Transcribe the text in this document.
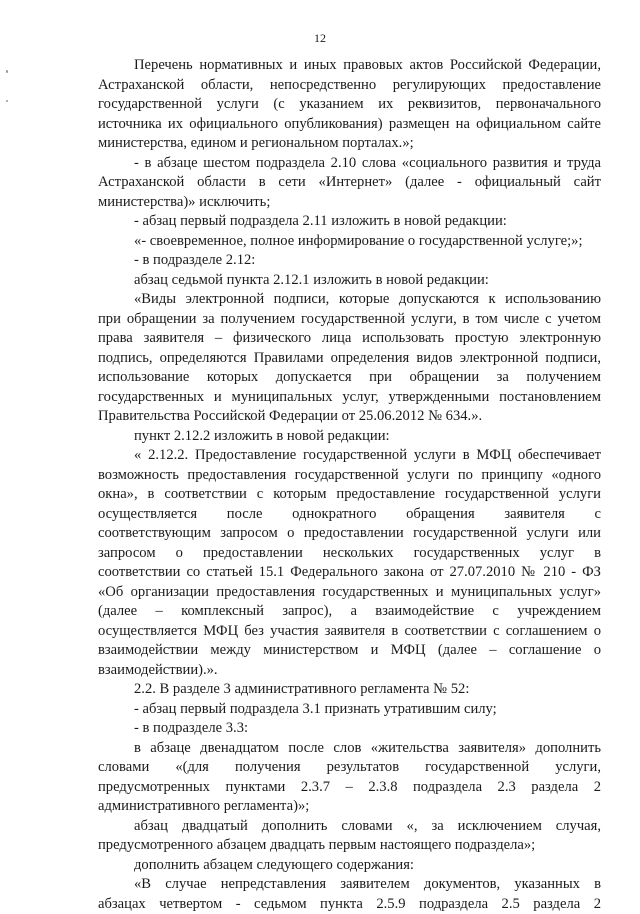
12
Перечень нормативных и иных правовых актов Российской Федерации,
Астраханской области, непосредственно регулирующих предоставление
государственной услуги (с указанием их реквизитов, первоначального
источника их официального опубликования) размещен на официальном сайте
министерства, едином и региональном порталах.»;
- в абзаце шестом подраздела 2.10 слова «социального развития и труда
Астраханской области в сети «Интернет» (далее - официальный сайт
министерства)» исключить;
- абзац первый подраздела 2.11 изложить в новой редакции:
«- своевременное, полное информирование о государственной услуге;»;
- в подразделе 2.12:
абзац седьмой пункта 2.12.1 изложить в новой редакции:
«Виды электронной подписи, которые допускаются к использованию
при обращении за получением государственной услуги, в том числе с учетом
права заявителя – физического лица использовать простую электронную
подпись, определяются Правилами определения видов электронной подписи,
использование которых допускается при обращении за получением
государственных и муниципальных услуг, утвержденными постановлением
Правительства Российской Федерации от 25.06.2012 № 634.».
пункт 2.12.2 изложить в новой редакции:
« 2.12.2. Предоставление государственной услуги в МФЦ обеспечивает
возможность предоставления государственной услуги по принципу «одного
окна», в соответствии с которым предоставление государственной услуги
осуществляется после однократного обращения заявителя с
соответствующим запросом о предоставлении государственной услуги или
запросом о предоставлении нескольких государственных услуг в
соответствии со статьей 15.1 Федерального закона от 27.07.2010 № 210 - ФЗ
«Об организации предоставления государственных и муниципальных услуг»
(далее – комплексный запрос), а взаимодействие с учреждением
осуществляется МФЦ без участия заявителя в соответствии с соглашением о
взаимодействии между министерством и МФЦ (далее – соглашение о
взаимодействии).».
2.2. В разделе 3 административного регламента № 52:
- абзац первый подраздела 3.1 признать утратившим силу;
- в подразделе 3.3:
в абзаце двенадцатом после слов «жительства заявителя» дополнить
словами «(для получения результатов государственной услуги,
предусмотренных пунктами 2.3.7 – 2.3.8 подраздела 2.3 раздела 2
административного регламента)»;
абзац двадцатый дополнить словами «, за исключением случая,
предусмотренного абзацем двадцать первым настоящего подраздела»;
дополнить абзацем следующего содержания:
«В случае непредставления заявителем документов, указанных в
абзацах четвертом - седьмом пункта 2.5.9 подраздела 2.5 раздела 2
